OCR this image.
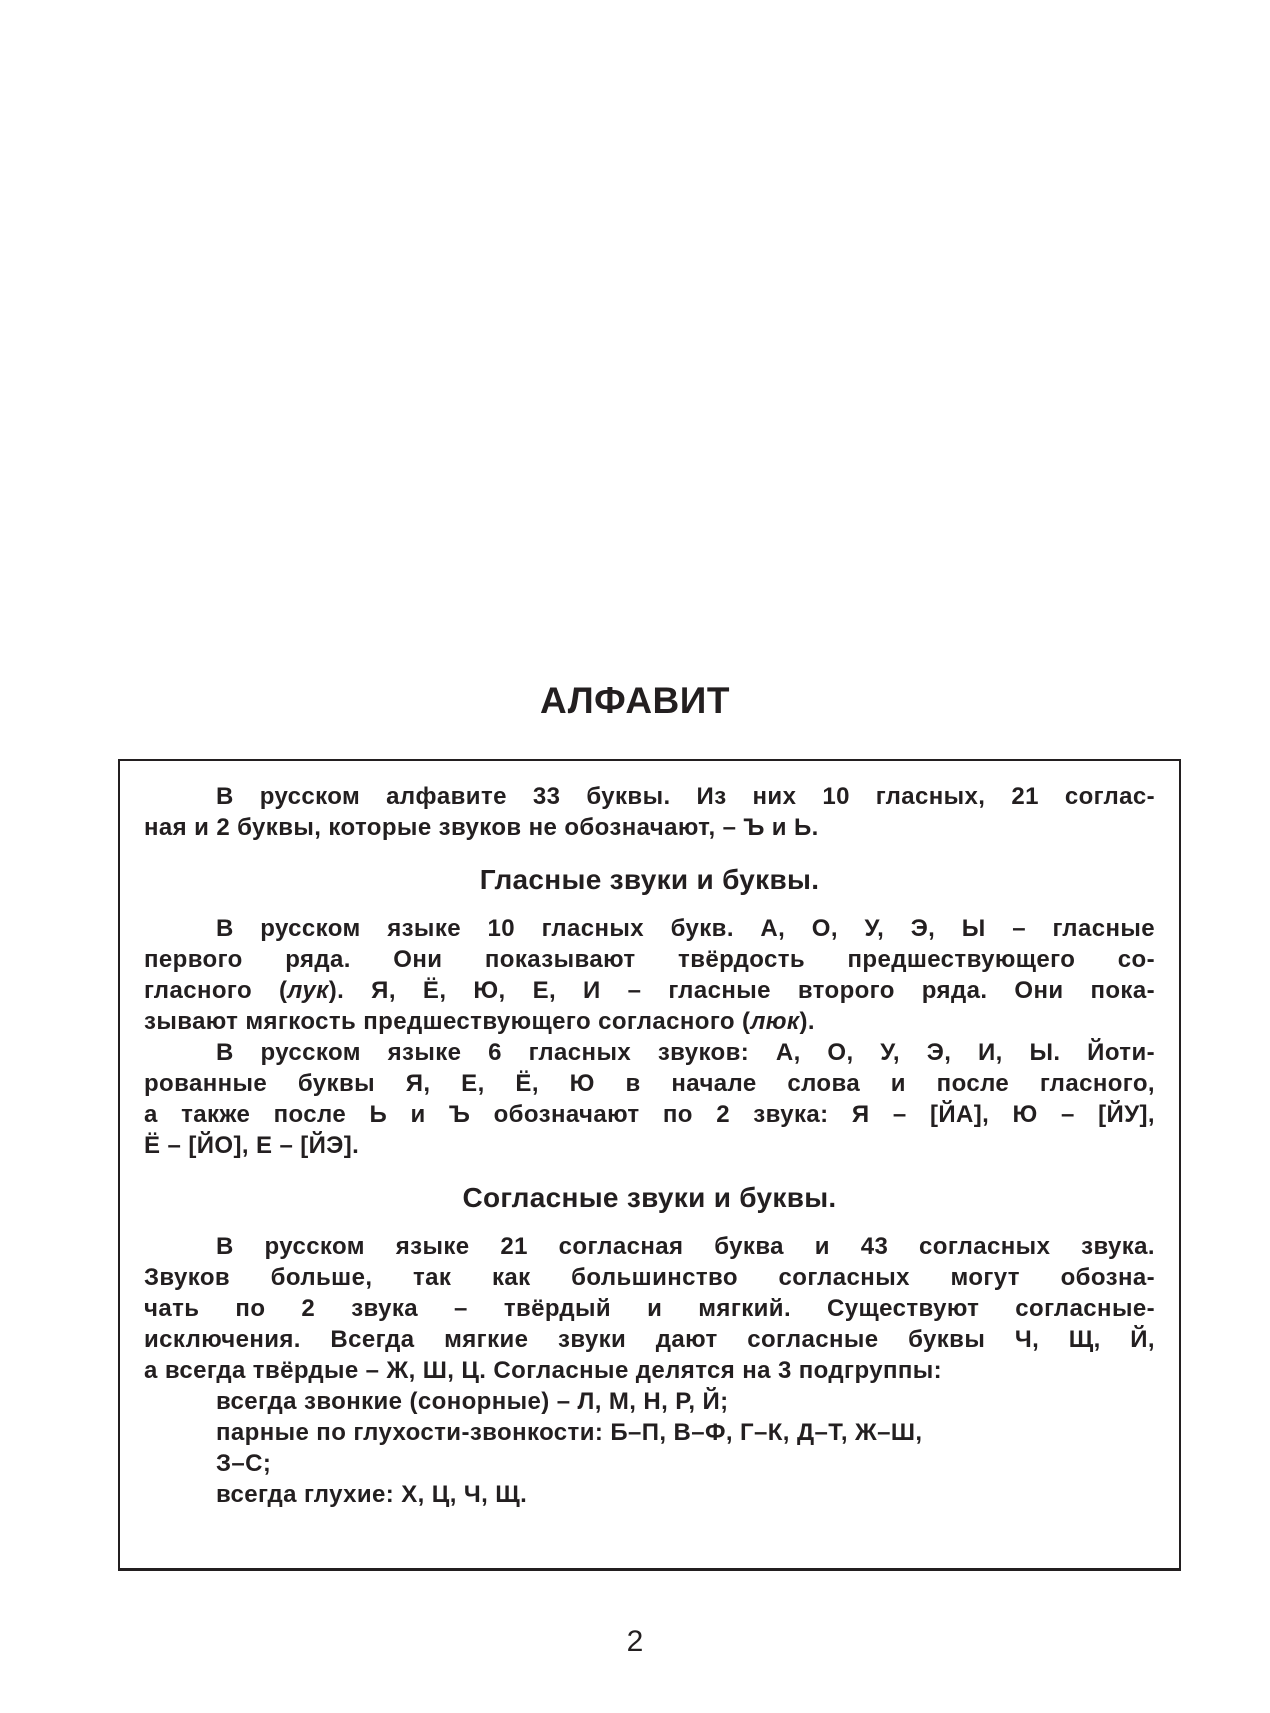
АЛФАВИТ
В русском алфавите 33 буквы. Из них 10 гласных, 21 соглас-
ная и 2 буквы, которые звуков не обозначают, – Ъ и Ь.
Гласные звуки и буквы.
В русском языке 10 гласных букв. А, О, У, Э, Ы – гласные
первого ряда. Они показывают твёрдость предшествующего со-
гласного (лук). Я, Ё, Ю, Е, И – гласные второго ряда. Они пока-
зывают мягкость предшествующего согласного (люк).
В русском языке 6 гласных звуков: А, О, У, Э, И, Ы. Йоти-
рованные буквы Я, Е, Ё, Ю в начале слова и после гласного,
а также после Ь и Ъ обозначают по 2 звука: Я – [ЙА], Ю – [ЙУ],
Ё – [ЙО], Е – [ЙЭ].
Согласные звуки и буквы.
В русском языке 21 согласная буква и 43 согласных звука.
Звуков больше, так как большинство согласных могут обозна-
чать по 2 звука – твёрдый и мягкий. Существуют согласные-
исключения. Всегда мягкие звуки дают согласные буквы Ч, Щ, Й,
а всегда твёрдые – Ж, Ш, Ц. Согласные делятся на 3 подгруппы:
всегда звонкие (сонорные) – Л, М, Н, Р, Й;
парные по глухости-звонкости: Б–П, В–Ф, Г–К, Д–Т, Ж–Ш,
З–С;
всегда глухие: Х, Ц, Ч, Щ.
2
